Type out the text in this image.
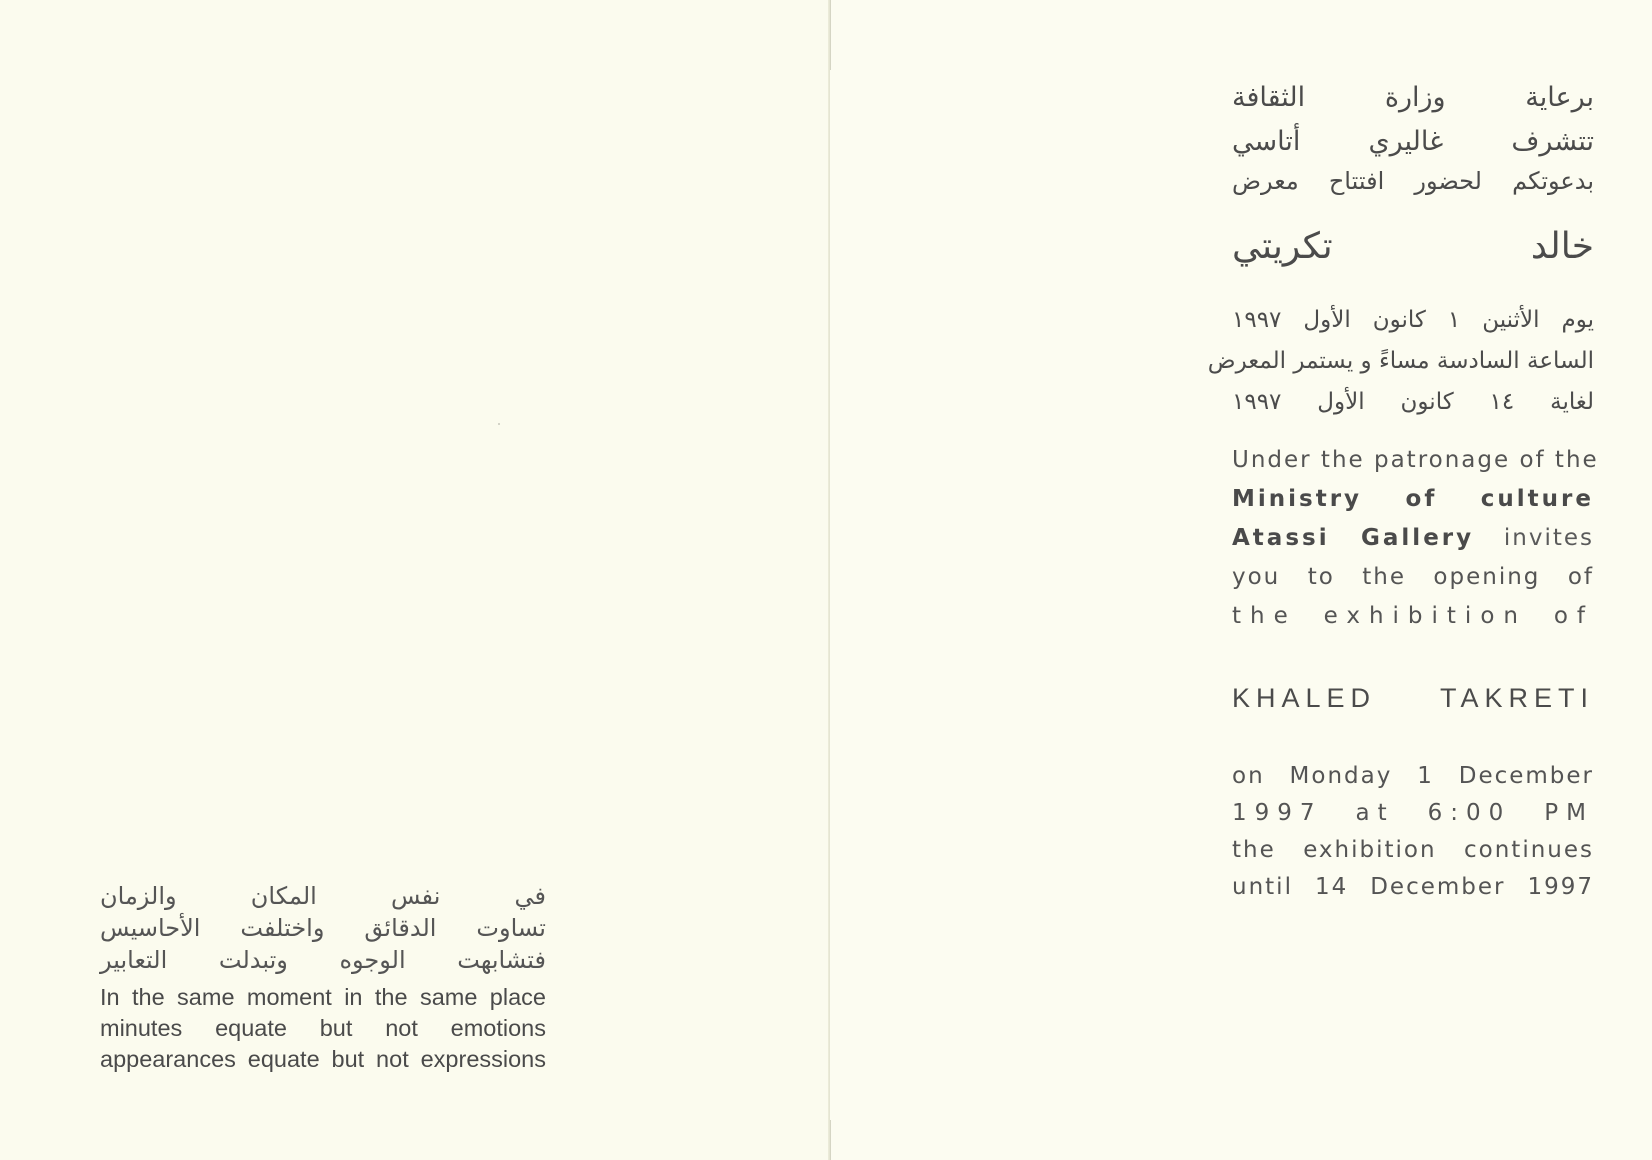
في نفس المكان والزمان
تساوت الدقائق واختلفت الأحاسيس
فتشابهت الوجوه وتبدلت التعابير
In the same moment in the same place
minutes equate but not emotions
appearances equate but not expressions
برعاية وزارة الثقافة
تتشرف غاليري أتاسي
بدعوتكم لحضور افتتاح معرض
خالد تكريتي
يوم الأثنين ١ كانون الأول ١٩٩٧
الساعة السادسة مساءً و يستمر المعرض
لغاية ١٤ كانون الأول ١٩٩٧
Under the patronage of the
Ministry of culture
Atassi Gallery invites
you to the opening of
the exhibition of
KHALED TAKRETI
on Monday 1 December
1997 at 6:00 PM
the exhibition continues
until 14 December 1997
